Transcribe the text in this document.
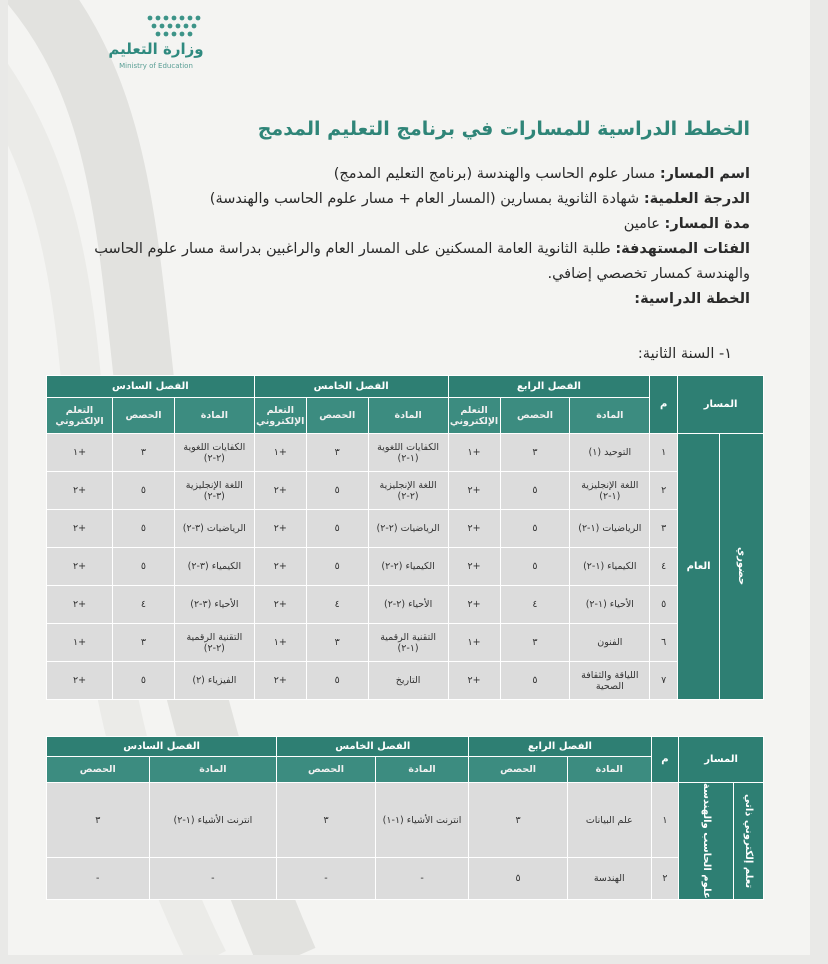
وزارة التعليم
Ministry of Education
الخطط الدراسية للمسارات في برنامج التعليم المدمج
اسم المسار: مسار علوم الحاسب والهندسة (برنامج التعليم المدمج)
الدرجة العلمية: شهادة الثانوية بمسارين (المسار العام + مسار علوم الحاسب والهندسة)
مدة المسار: عامين
الفئات المستهدفة: طلبة الثانوية العامة المسكنين على المسار العام والراغبين بدراسة مسار علوم الحاسب
والهندسة كمسار تخصصي إضافي.
الخطة الدراسية:
١- السنة الثانية:
المسار		م	الفصل الرابع			الفصل الخامس			الفصل السادس		
			المادة	الحصص	التعلم الإلكتروني	المادة	الحصص	التعلم الإلكتروني	المادة	الحصص	التعلم الإلكتروني

حضوري	العام	١	التوحيد (١)	٣	+١	الكفايات اللغوية (١-٢)	٣	+١	الكفايات اللغوية (٢-٢)	٣	+١
		٢	اللغة الإنجليزية (١-٢)	٥	+٢	اللغة الإنجليزية (٢-٢)	٥	+٢	اللغة الإنجليزية (٣-٢)	٥	+٢
		٣	الرياضيات (١-٢)	٥	+٢	الرياضيات (٢-٢)	٥	+٢	الرياضيات (٣-٢)	٥	+٢
		٤	الكيمياء (١-٢)	٥	+٢	الكيمياء (٢-٢)	٥	+٢	الكيمياء (٣-٢)	٥	+٢
		٥	الأحياء (١-٢)	٤	+٢	الأحياء (٢-٢)	٤	+٢	الأحياء (٣-٢)	٤	+٢
		٦	الفنون	٣	+١	التقنية الرقمية (١-٢)	٣	+١	التقنية الرقمية (٢-٢)	٣	+١
		٧	اللياقة والثقافة الصحية	٥	+٢	التاريخ	٥	+٢	الفيزياء (٢)	٥	+٢
المسار		م	الفصل الرابع		الفصل الخامس		الفصل السادس	
			المادة	الحصص	المادة	الحصص	المادة	الحصص

تعلم إلكتروني ذاتي	علوم الحاسب والهندسة	١	علم البيانات	٣	انترنت الأشياء (١-١)	٣	انترنت الأشياء (١-٢)	٣
		٢	الهندسة	٥	-	-	-	-
